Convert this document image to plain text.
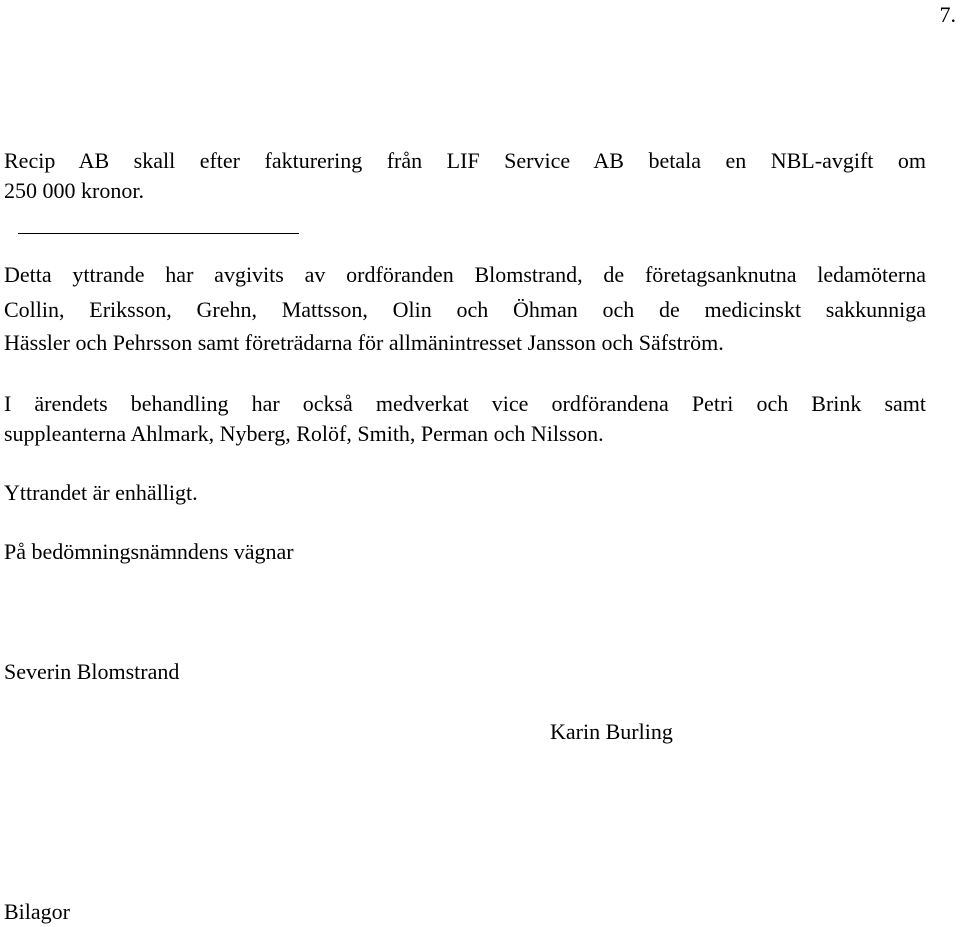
7.
Recip AB skall efter fakturering från LIF Service AB betala en NBL-avgift om
250 000 kronor.
Detta yttrande har avgivits av ordföranden Blomstrand, de företagsanknutna ledamöterna
Collin, Eriksson, Grehn, Mattsson, Olin och Öhman och de medicinskt sakkunniga
Hässler och Pehrsson samt företrädarna för allmänintresset Jansson och Säfström.
I ärendets behandling har också medverkat vice ordförandena Petri och Brink samt
suppleanterna Ahlmark, Nyberg, Rolöf, Smith, Perman och Nilsson.
Yttrandet är enhälligt.
På bedömningsnämndens vägnar
Severin Blomstrand
Karin Burling
Bilagor
